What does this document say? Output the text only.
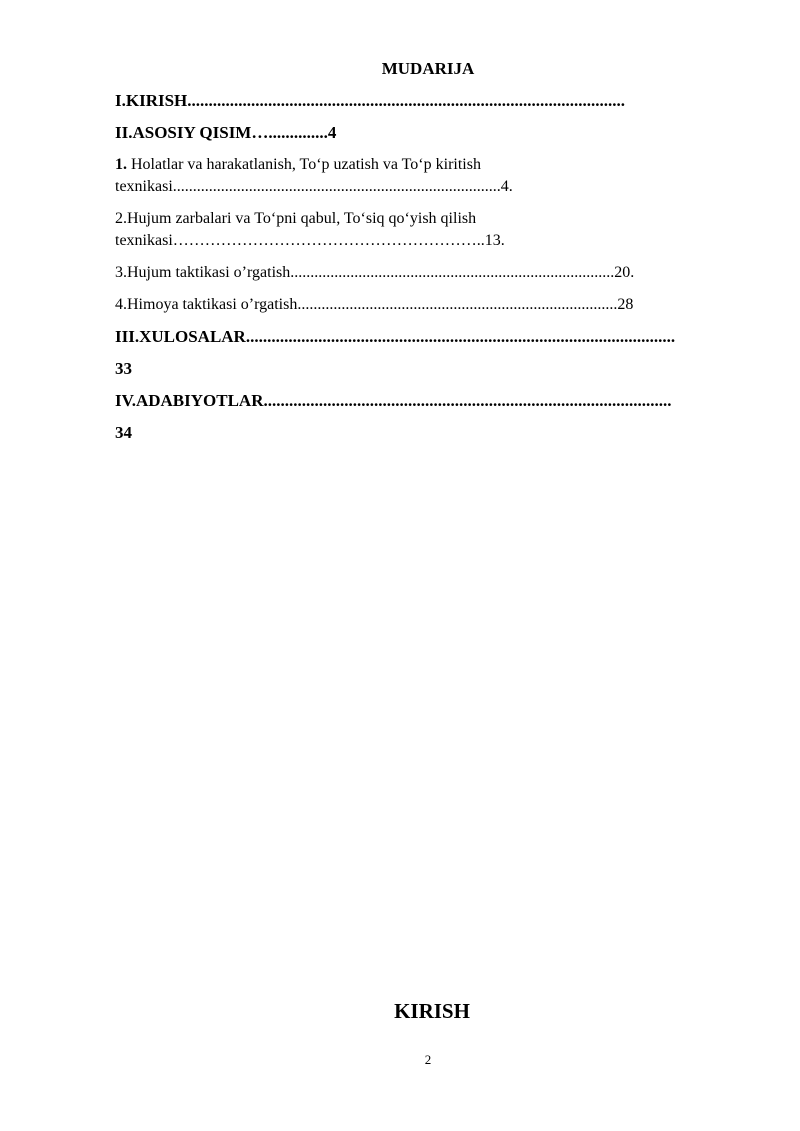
MUDARIJA
I.KIRISH.......................................................................................................
II.ASOSIY QISIM…..............4
1. Holatlar va harakatlanish, To‘p uzatish va To‘p kiritish
texnikasi..................................................................................4.
2.Hujum zarbalari va To‘pni qabul, To‘siq qo‘yish qilish
texnikasi…………………………………………………..13.
3.Hujum taktikasi o’rgatish.................................................................................20.
4.Himoya taktikasi o’rgatish................................................................................28
III.XULOSALAR.....................................................................................................
33
IV.ADABIYOTLAR................................................................................................
34
KIRISH
2
